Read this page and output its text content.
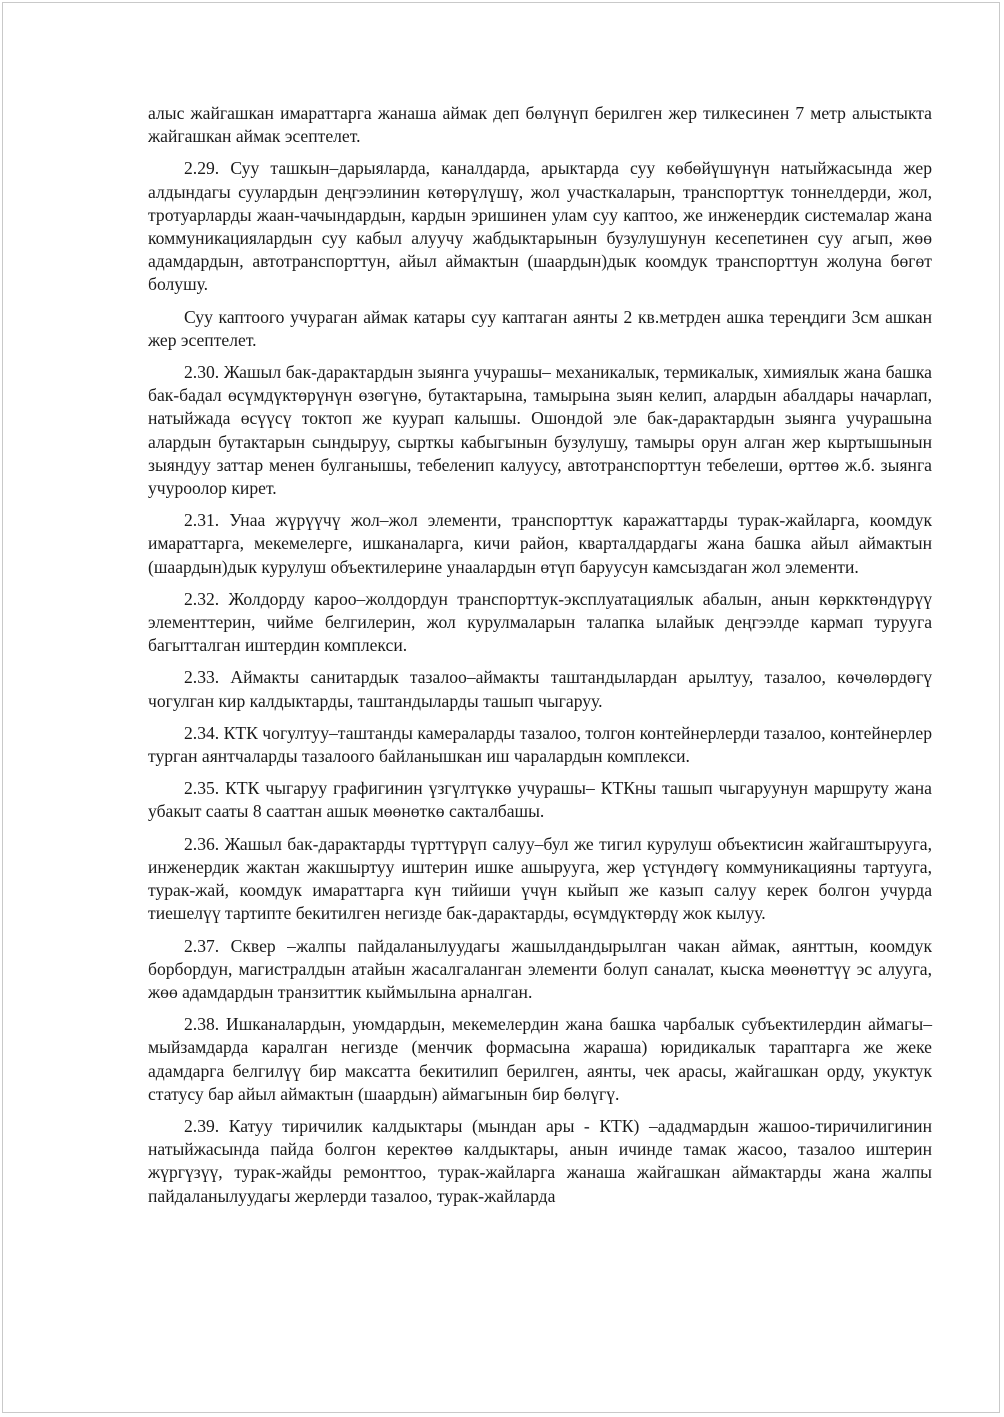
алыс жайгашкан имараттарга жанаша аймак деп бөлүнүп берилген жер тилкесинен 7 метр алыстыкта жайгашкан аймак эсептелет.

2.29. Суу ташкын–дарыяларда, каналдарда, арыктарда суу көбөйүшүнүн натыйжасында жер алдындагы суулардын деңгээлинин көтөрүлүшү, жол участкаларын, транспорттук тоннелдерди, жол, тротуарларды жаан-чачындардын, кардын эришинен улам суу каптоо, же инженердик системалар жана коммуникациялардын суу кабыл алуучу жабдыктарынын бузулушунун кесепетинен суу агып, жөө адамдардын, автотранспорттун, айыл аймактын (шаардын)дык коомдук транспорттун жолуна бөгөт болушу.

Суу каптоого учураган аймак катары суу каптаган аянты 2 кв.метрден ашка тереңдиги 3см ашкан жер эсептелет.

2.30. Жашыл бак-дарактардын зыянга учурашы– механикалык, термикалык, химиялык жана башка бак-бадал өсүмдүктөрүнүн өзөгүнө, бутактарына, тамырына зыян келип, алардын абалдары начарлап, натыйжада өсүүсү токтоп же куурап калышы. Ошондой эле бак-дарактардын зыянга учурашына алардын бутактарын сындыруу, сырткы кабыгынын бузулушу, тамыры орун алган жер кыртышынын зыяндуу заттар менен булганышы, тебеленип калуусу, автотранспорттун тебелеши, өрттөө ж.б. зыянга учуроолор кирет.

2.31. Унаа жүрүүчү жол–жол элементи, транспорттук каражаттарды турак-жайларга, коомдук имараттарга, мекемелерге, ишканаларга, кичи район, кварталдардагы жана башка айыл аймактын (шаардын)дык курулуш объектилерине унаалардын өтүп баруусун камсыздаган жол элементи.

2.32. Жолдорду кароо–жолдордун транспорттук-эксплуатациялык абалын, анын көркктөндүрүү элементтерин, чийме белгилерин, жол курулмаларын талапка ылайык деңгээлде кармап турууга багытталган иштердин комплекси.

2.33. Аймакты санитардык тазалоо–аймакты таштандылардан арылтуу, тазалоо, көчөлөрдөгү чогулган кир калдыктарды, таштандыларды ташып чыгаруу.

2.34. КТК чогултуу–таштанды камераларды тазалоо, толгон контейнерлерди тазалоо, контейнерлер турган аянтчаларды тазалоого байланышкан иш чаралардын комплекси.

2.35. КТК чыгаруу графигинин үзгүлтүккө учурашы– КТКны ташып чыгаруунун маршруту жана убакыт сааты 8 сааттан ашык мөөнөткө сакталбашы.

2.36. Жашыл бак-дарактарды түрттүрүп салуу–бул же тигил курулуш объектисин жайгаштырууга, инженердик жактан жакшыртуу иштерин ишке ашырууга, жер үстүндөгү коммуникацияны тартууга, турак-жай, коомдук имараттарга күн тийиши үчүн кыйып же казып салуу керек болгон учурда тиешелүү тартипте бекитилген негизде бак-дарактарды, өсүмдүктөрдү жок кылуу.

2.37. Сквер –жалпы пайдаланылуудагы жашылдандырылган чакан аймак, аянттын, коомдук борбордун, магистралдын атайын жасалгаланган элементи болуп саналат, кыска мөөнөттүү эс алууга, жөө адамдардын транзиттик кыймылына арналган.

2.38. Ишканалардын, уюмдардын, мекемелердин жана башка чарбалык субъектилердин аймагы–мыйзамдарда каралган негизде (менчик формасына жараша) юридикалык тараптарга же жеке адамдарга белгилүү бир максатта бекитилип берилген, аянты, чек арасы, жайгашкан орду, укуктук статусу бар айыл аймактын (шаардын) аймагынын бир бөлүгү.

2.39. Катуу тиричилик калдыктары (мындан ары - КТК) –ададмардын жашоо-тиричилигинин натыйжасында пайда болгон керектөө калдыктары, анын ичинде тамак жасоо, тазалоо иштерин жүргүзүү, турак-жайды ремонттоо, турак-жайларга жанаша жайгашкан аймактарды жана жалпы пайдаланылуудагы жерлерди тазалоо, турак-жайларда
